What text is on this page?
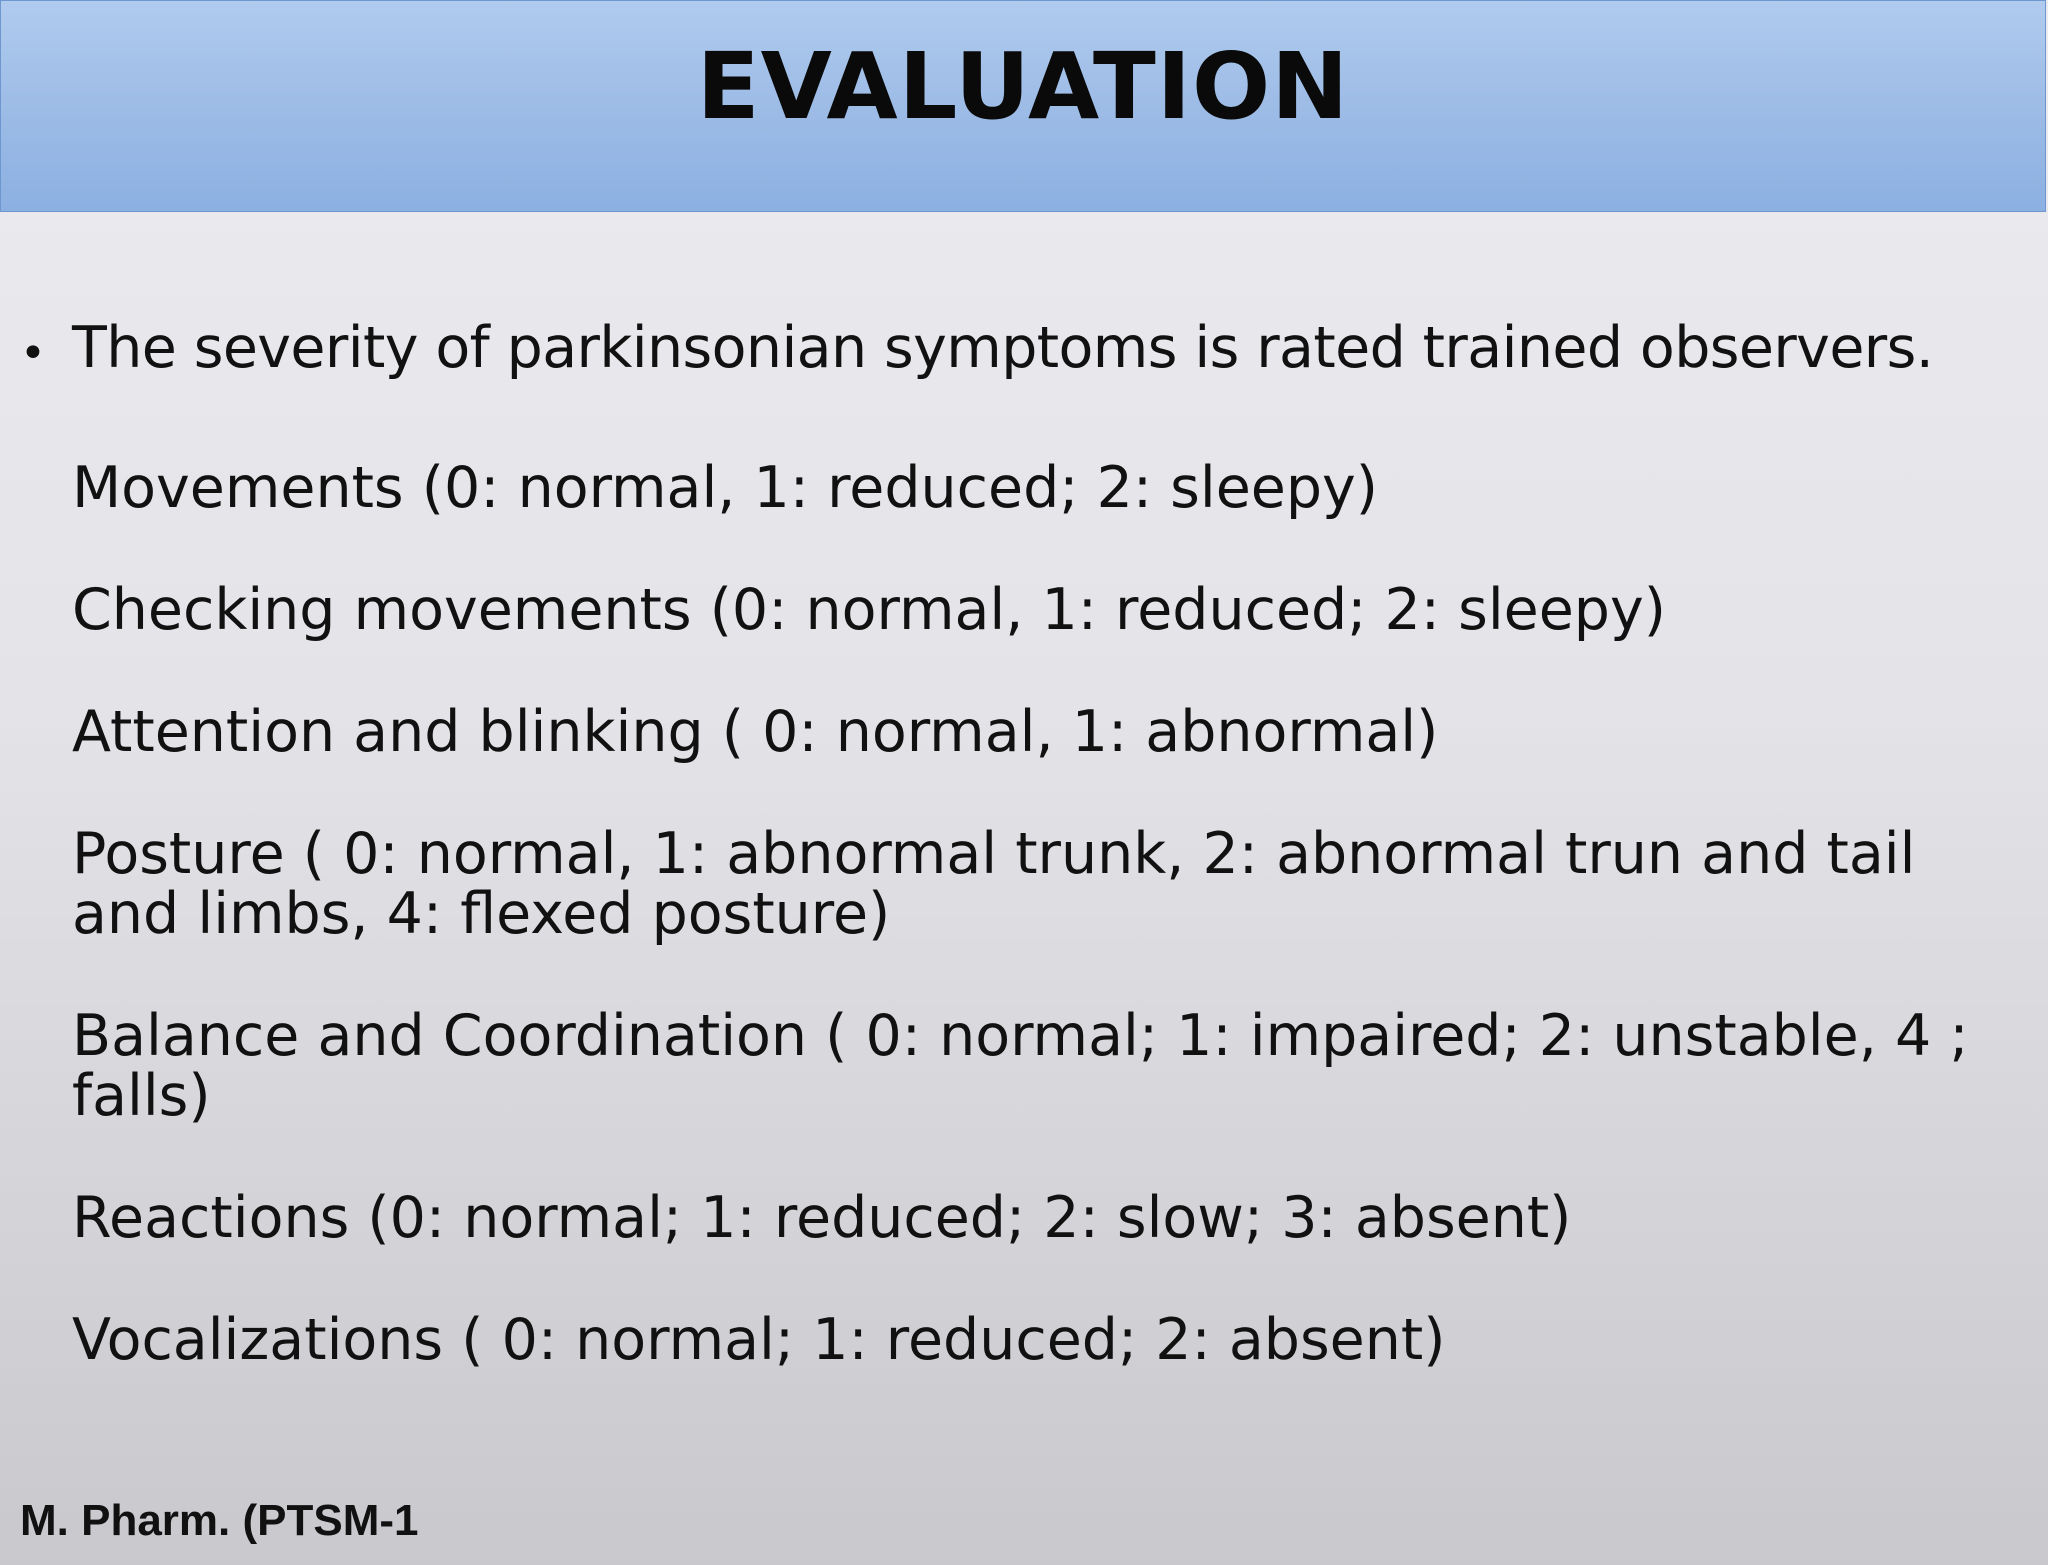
EVALUATION
• The severity of parkinsonian symptoms is rated trained observers.
Movements (0: normal, 1: reduced; 2: sleepy)
Checking movements (0: normal, 1: reduced; 2: sleepy)
Attention and blinking ( 0: normal, 1: abnormal)
Posture ( 0: normal, 1: abnormal trunk, 2: abnormal trun and tail and limbs, 4: flexed posture)
Balance and Coordination ( 0: normal; 1: impaired; 2: unstable, 4 ; falls)
Reactions (0: normal; 1: reduced; 2: slow; 3: absent)
Vocalizations ( 0: normal; 1: reduced; 2: absent)
M. Pharm. (PTSM-1
